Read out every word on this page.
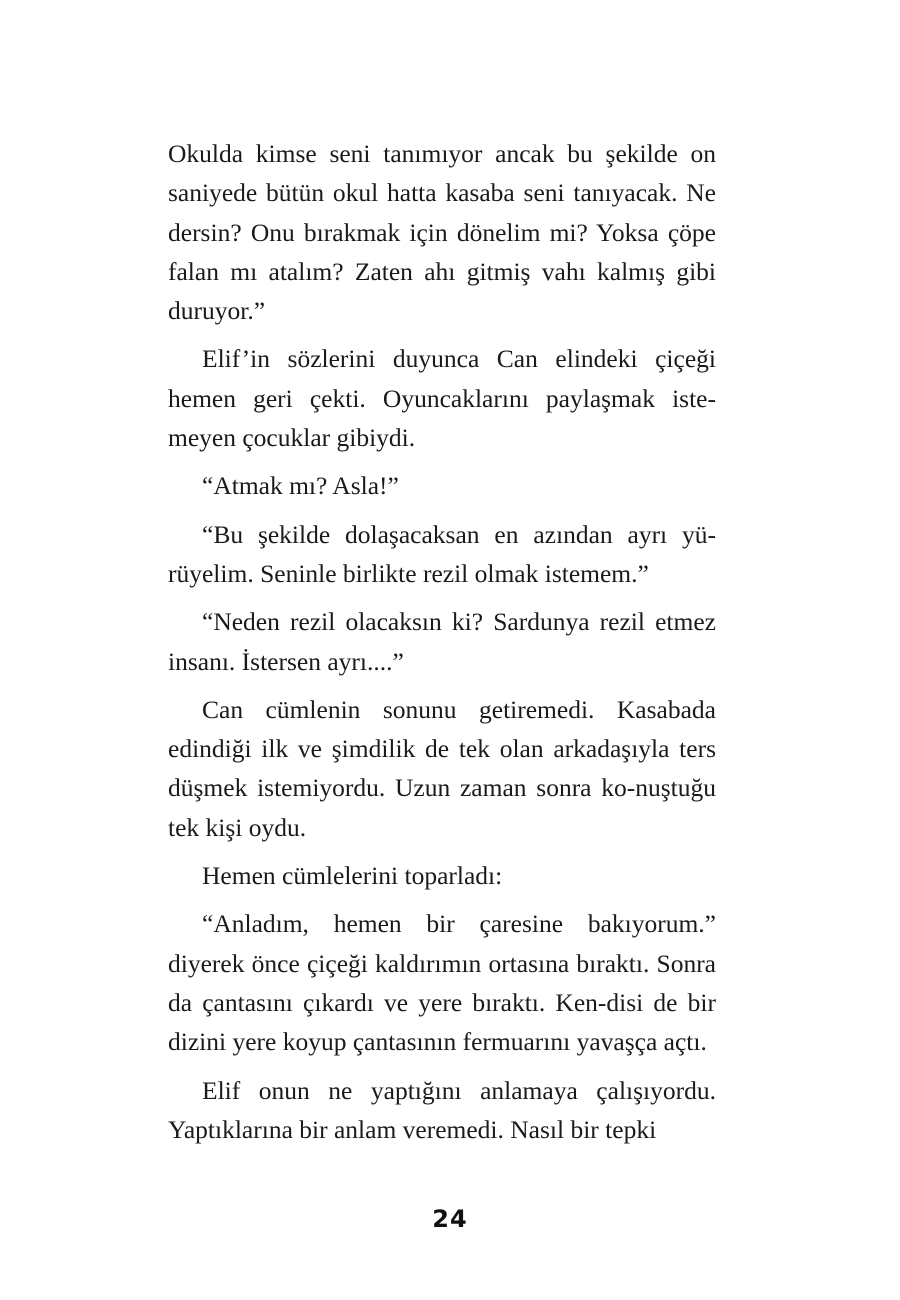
Okulda kimse seni tanımıyor ancak bu şekilde on saniyede bütün okul hatta kasaba seni tanıyacak. Ne dersin? Onu bırakmak için dönelim mi? Yoksa çöpe falan mı atalım? Zaten ahı gitmiş vahı kalmış gibi duruyor.”

Elif’in sözlerini duyunca Can elindeki çiçeği hemen geri çekti. Oyuncaklarını paylaşmak iste-meyen çocuklar gibiydi.

“Atmak mı? Asla!”

“Bu şekilde dolaşacaksan en azından ayrı yü-rüyelim. Seninle birlikte rezil olmak istemem.”

“Neden rezil olacaksın ki? Sardunya rezil etmez insanı. İstersen ayrı....”

Can cümlenin sonunu getiremedi. Kasabada edindiği ilk ve şimdilik de tek olan arkadaşıyla ters düşmek istemiyordu. Uzun zaman sonra ko-nuştuğu tek kişi oydu.

Hemen cümlelerini toparladı:

“Anladım, hemen bir çaresine bakıyorum.” diyerek önce çiçeği kaldırımın ortasına bıraktı. Sonra da çantasını çıkardı ve yere bıraktı. Ken-disi de bir dizini yere koyup çantasının fermuarını yavaşça açtı.

Elif onun ne yaptığını anlamaya çalışıyordu. Yaptıklarına bir anlam veremedi. Nasıl bir tepki

24
